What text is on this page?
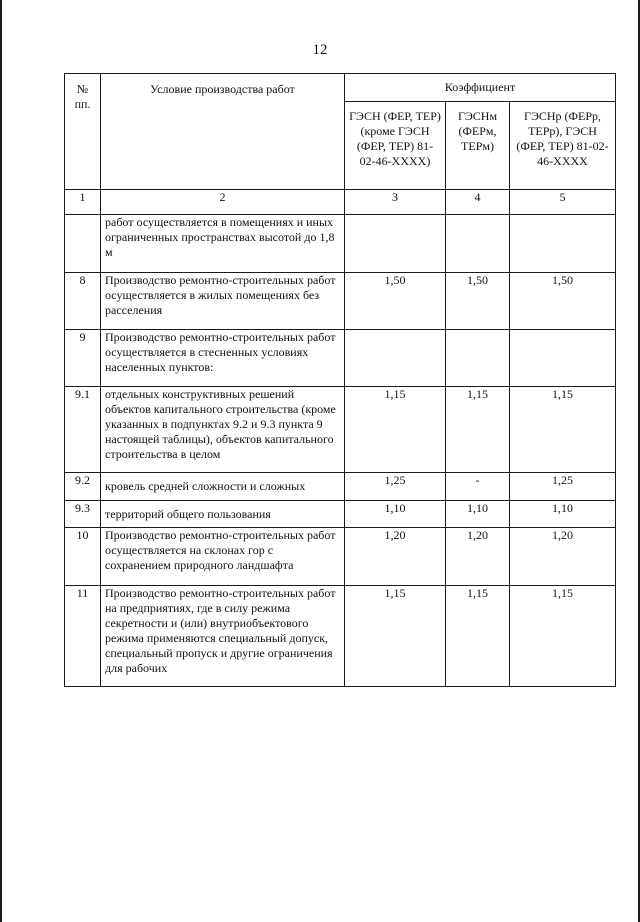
12
№ пп.	Условие производства работ	Коэффициент		
		ГЭСН (ФЕР, ТЕР) (кроме ГЭСН (ФЕР, ТЕР) 81-02-46-XXXX)	ГЭСНм (ФЕРм, ТЕРм)	ГЭСНр (ФЕРр, ТЕРр), ГЭСН (ФЕР, ТЕР) 81-02-46-XXXX
1	2	3	4	5
	работ осуществляется в помещениях и иных ограниченных пространствах высотой до 1,8 м			
8	Производство ремонтно-строительных работ осуществляется в жилых помещениях без расселения	1,50	1,50	1,50
9	Производство ремонтно-строительных работ осуществляется в стесненных условиях населенных пунктов:			
9.1	отдельных конструктивных решений объектов капитального строительства (кроме указанных в подпунктах 9.2 и 9.3 пункта 9 настоящей таблицы), объектов капитального строительства в целом	1,15	1,15	1,15
9.2	кровель средней сложности и сложных	1,25	-	1,25
9.3	территорий общего пользования	1,10	1,10	1,10
10	Производство ремонтно-строительных работ осуществляется на склонах гор с сохранением природного ландшафта	1,20	1,20	1,20
11	Производство ремонтно-строительных работ на предприятиях, где в силу режима секретности и (или) внутриобъектового режима применяются специальный допуск, специальный пропуск и другие ограничения для рабочих	1,15	1,15	1,15
